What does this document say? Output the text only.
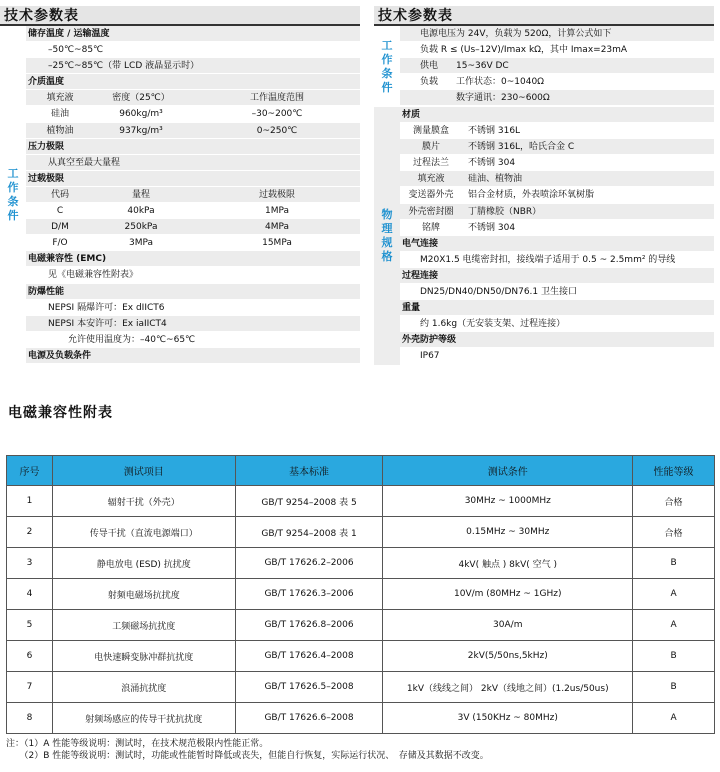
技术参数表
工
作
条
件
储存温度 / 运输温度
–50℃~85℃
–25℃~85℃（带 LCD 液晶显示时）
介质温度
填充液	密度（25℃）	工作温度范围
硅油	960kg/m³	–30~200℃
植物油	937kg/m³	0~250℃
压力极限
从真空至最大量程
过载极限
代码	量程	过载极限
C	40kPa	1MPa
D/M	250kPa	4MPa
F/O	3MPa	15MPa
电磁兼容性 (EMC)
见《电磁兼容性附表》
防爆性能
NEPSI 隔爆许可：Ex dIICT6
NEPSI 本安许可：Ex iaIICT4
允许使用温度为：–40℃~65℃
电源及负载条件
技术参数表
工
作
条
件
电源电压为 24V，负载为 520Ω，计算公式如下
负载 R ≤ (Us–12V)/Imax kΩ，其中 Imax=23mA
供电 15~36V DC
负载 工作状态：0~1040Ω
数字通讯：230~600Ω
物
理
规
格
材质
测量膜盒	不锈钢 316L
膜片	不锈钢 316L，哈氏合金 C
过程法兰	不锈钢 304
填充液	硅油、植物油
变送器外壳	铝合金材质，外表喷涂环氧树脂
外壳密封圈	丁腈橡胶（NBR）
铭牌	不锈钢 304
电气连接
M20X1.5 电缆密封扣，接线端子适用于 0.5 ~ 2.5mm² 的导线
过程连接
DN25/DN40/DN50/DN76.1 卫生接口
重量
约 1.6kg（无安装支架、过程连接）
外壳防护等级
IP67
电磁兼容性附表
序号	测试项目	基本标准	测试条件	性能等级
1	辐射干扰（外壳）	GB/T 9254–2008 表 5	30MHz ~ 1000MHz	合格
2	传导干扰（直流电源端口）	GB/T 9254–2008 表 1	0.15MHz ~ 30MHz	合格
3	静电放电 (ESD) 抗扰度	GB/T 17626.2–2006	4kV( 触点 ) 8kV( 空气 )	B
4	射频电磁场抗扰度	GB/T 17626.3–2006	10V/m (80MHz ~ 1GHz)	A
5	工频磁场抗扰度	GB/T 17626.8–2006	30A/m	A
6	电快速瞬变脉冲群抗扰度	GB/T 17626.4–2008	2kV(5/50ns,5kHz)	B
7	浪涌抗扰度	GB/T 17626.5–2008	1kV（线线之间） 2kV（线地之间）(1.2us/50us)	B
8	射频场感应的传导干扰抗扰度	GB/T 17626.6–2008	3V (150KHz ~ 80MHz)	A
注：（1）A 性能等级说明：测试时，在技术规范极限内性能正常。
　　（2）B 性能等级说明：测试时，功能或性能暂时降低或丧失，但能自行恢复，实际运行状况、　存储及其数据不改变。
